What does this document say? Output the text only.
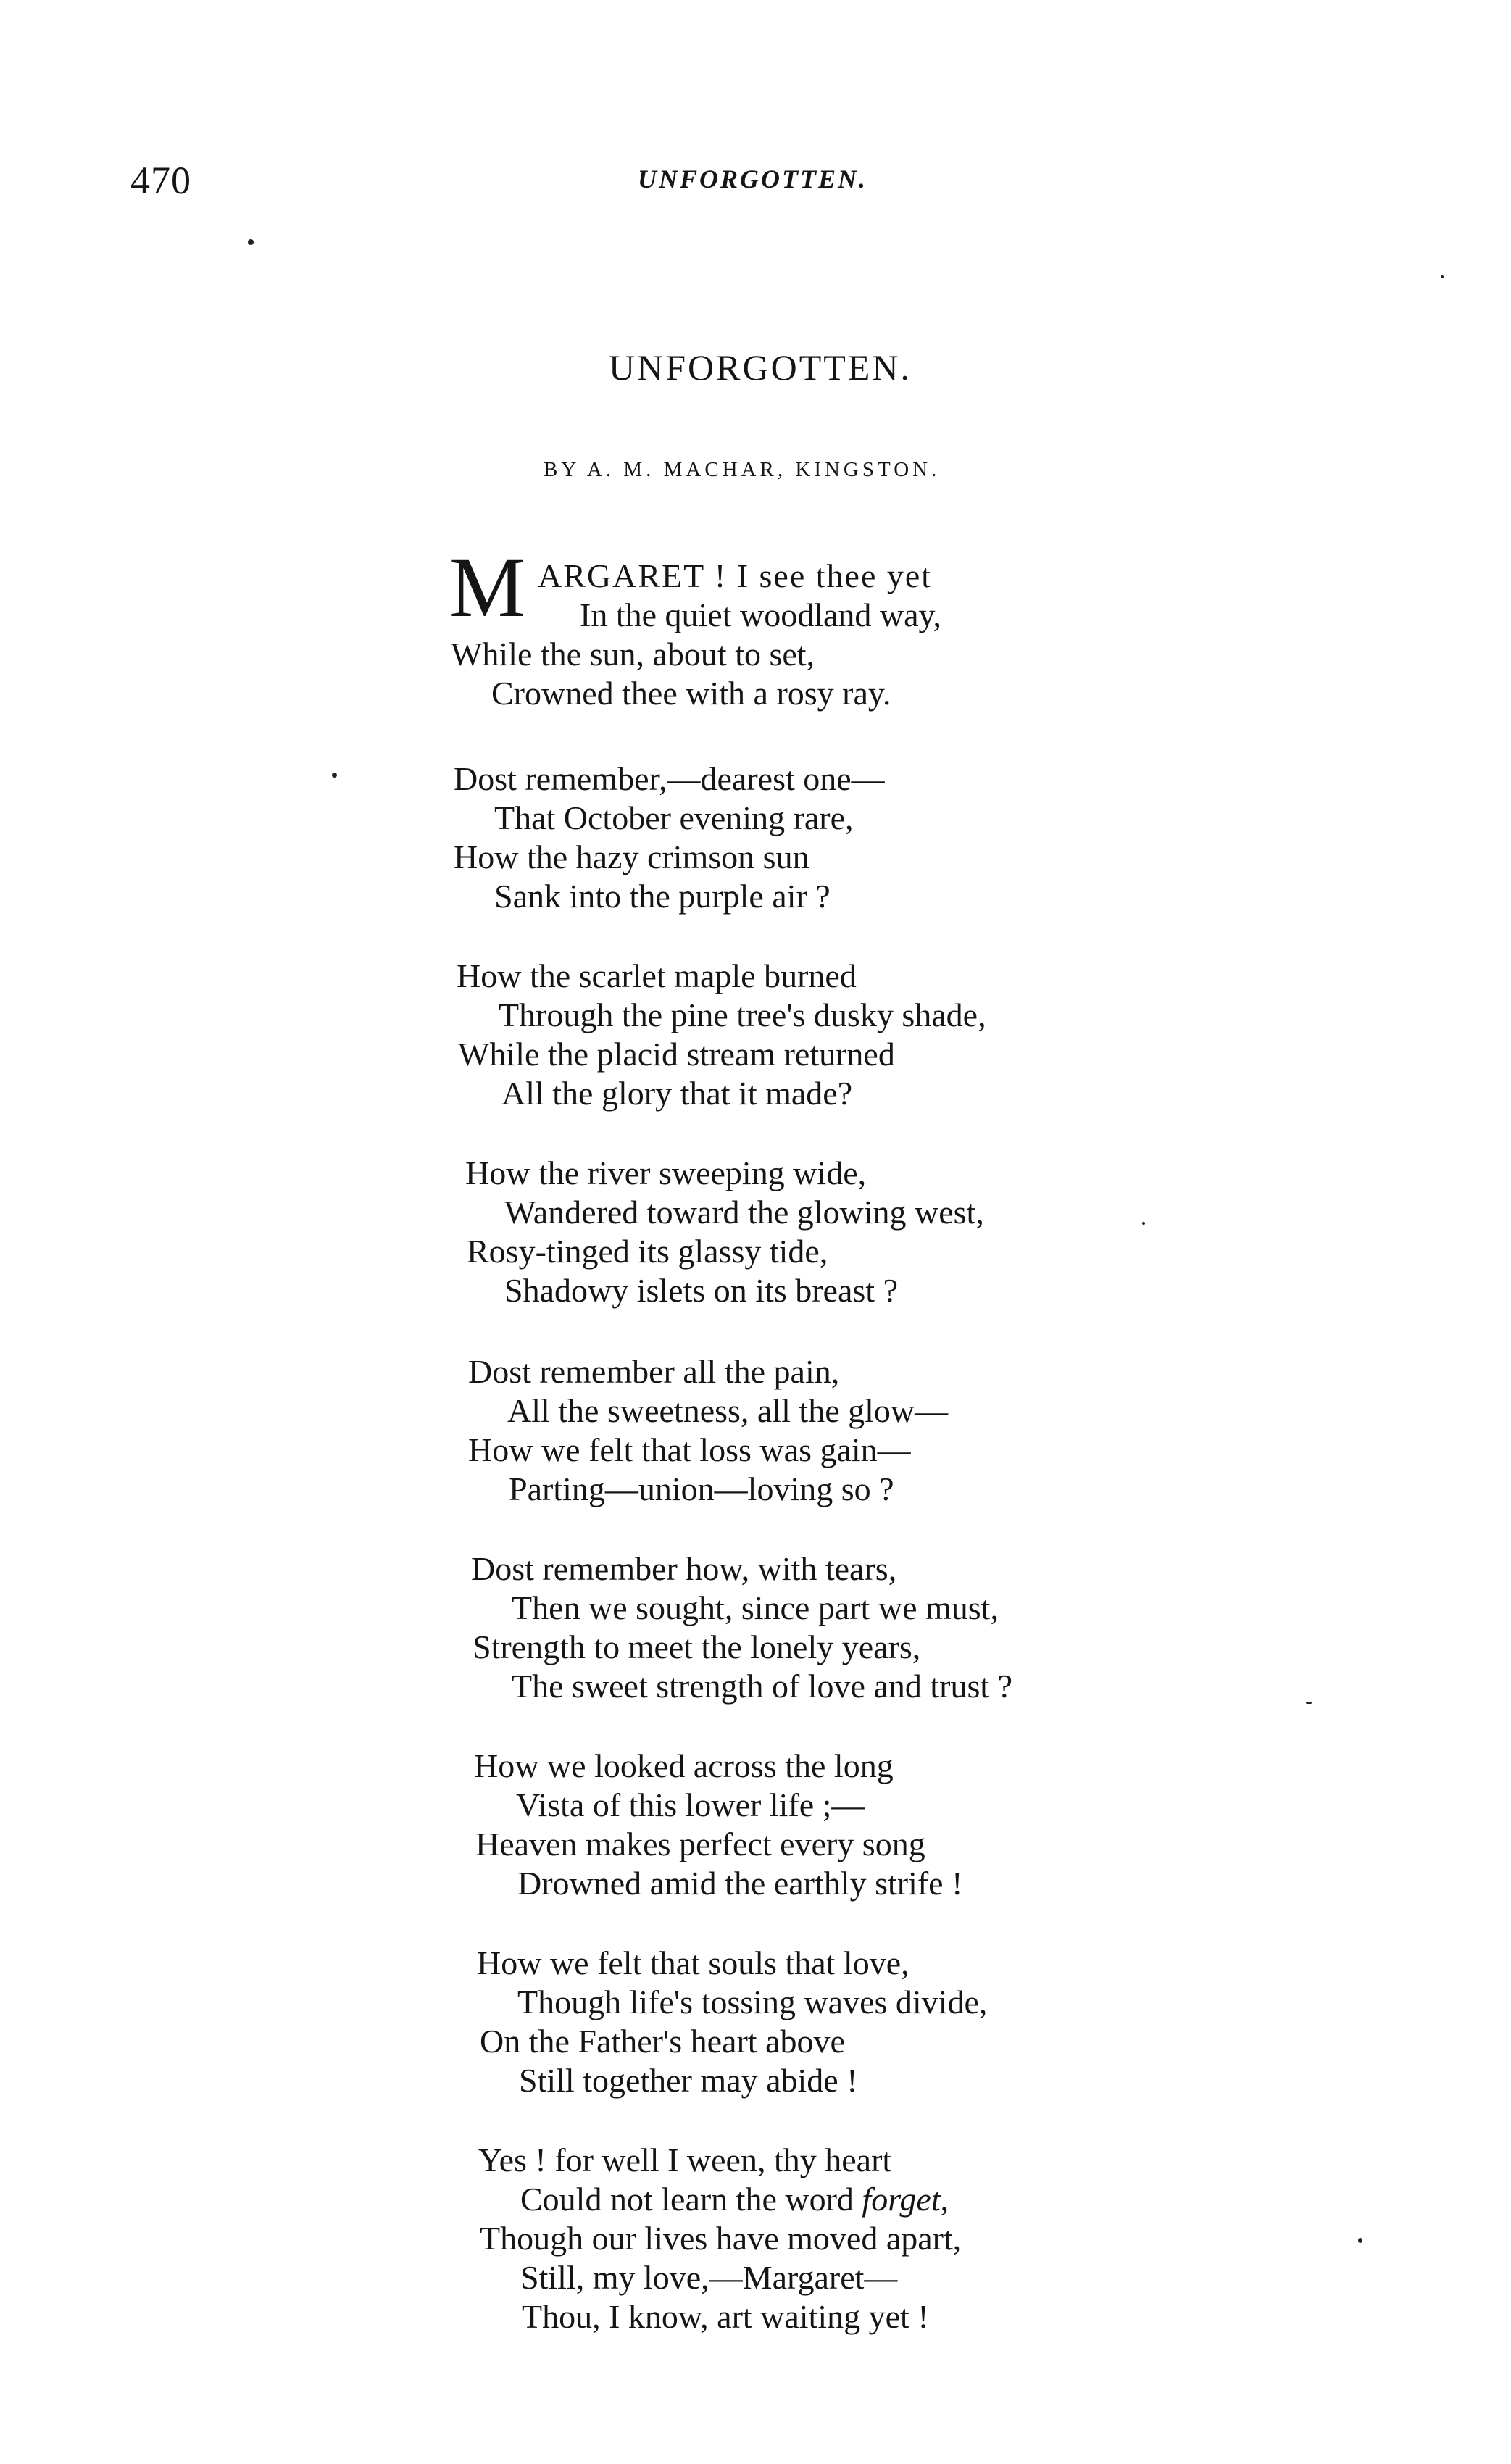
470	UNFORGOTTEN.
UNFORGOTTEN.
BY A. M. MACHAR, KINGSTON.
M ARGARET ! I see thee yet
In the quiet woodland way,
While the sun, about to set,
Crowned thee with a rosy ray.
Dost remember,—dearest one—
That October evening rare,
How the hazy crimson sun
Sank into the purple air ?
How the scarlet maple burned
Through the pine tree's dusky shade,
While the placid stream returned
All the glory that it made?
How the river sweeping wide,
Wandered toward the glowing west,
Rosy-tinged its glassy tide,
Shadowy islets on its breast ?
Dost remember all the pain,
All the sweetness, all the glow—
How we felt that loss was gain—
Parting—union—loving so ?
Dost remember how, with tears,
Then we sought, since part we must,
Strength to meet the lonely years,
The sweet strength of love and trust ?
How we looked across the long
Vista of this lower life ;—
Heaven makes perfect every song
Drowned amid the earthly strife !
How we felt that souls that love,
Though life's tossing waves divide,
On the Father's heart above
Still together may abide !
Yes ! for well I ween, thy heart
Could not learn the word forget,
Though our lives have moved apart,
Still, my love,—Margaret—
Thou, I know, art waiting yet !
